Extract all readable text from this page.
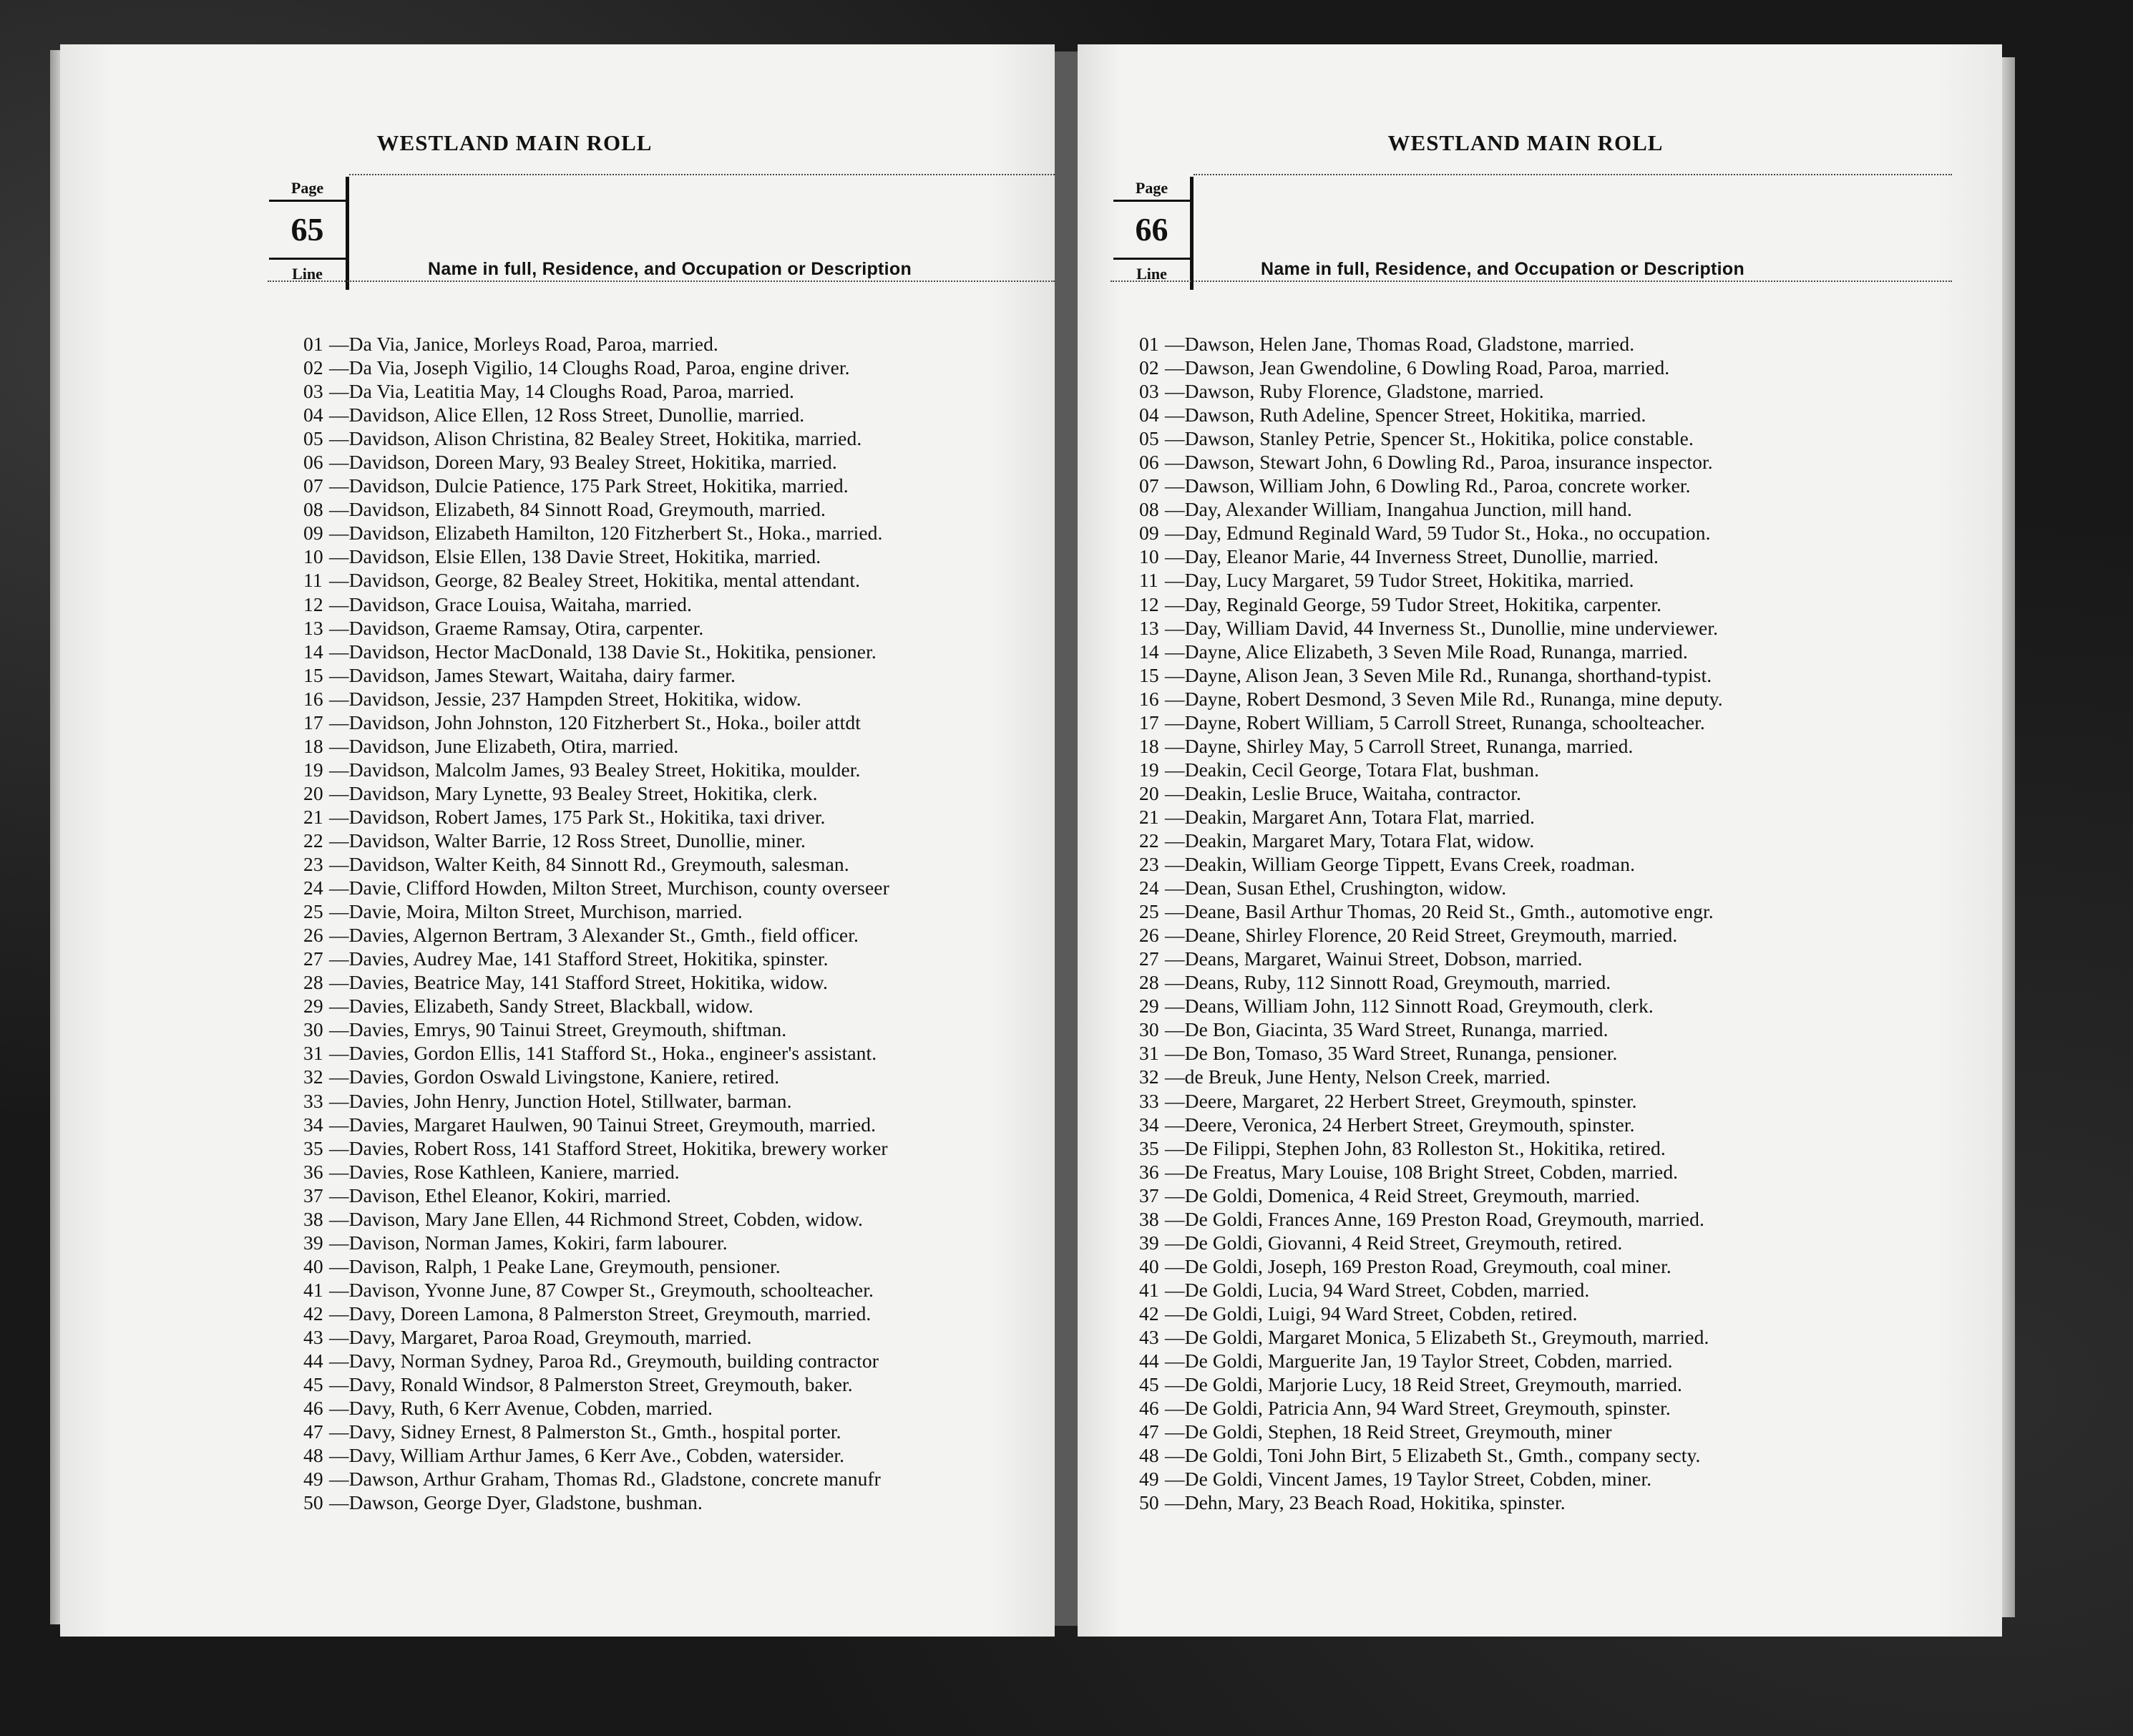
WESTLAND MAIN ROLL
Page
65
Line	Name in full, Residence, and Occupation or Description
01 —Da Via, Janice, Morleys Road, Paroa, married.
02 —Da Via, Joseph Vigilio, 14 Cloughs Road, Paroa, engine driver.
03 —Da Via, Leatitia May, 14 Cloughs Road, Paroa, married.
04 —Davidson, Alice Ellen, 12 Ross Street, Dunollie, married.
05 —Davidson, Alison Christina, 82 Bealey Street, Hokitika, married.
06 —Davidson, Doreen Mary, 93 Bealey Street, Hokitika, married.
07 —Davidson, Dulcie Patience, 175 Park Street, Hokitika, married.
08 —Davidson, Elizabeth, 84 Sinnott Road, Greymouth, married.
09 —Davidson, Elizabeth Hamilton, 120 Fitzherbert St., Hoka., married.
10 —Davidson, Elsie Ellen, 138 Davie Street, Hokitika, married.
11 —Davidson, George, 82 Bealey Street, Hokitika, mental attendant.
12 —Davidson, Grace Louisa, Waitaha, married.
13 —Davidson, Graeme Ramsay, Otira, carpenter.
14 —Davidson, Hector MacDonald, 138 Davie St., Hokitika, pensioner.
15 —Davidson, James Stewart, Waitaha, dairy farmer.
16 —Davidson, Jessie, 237 Hampden Street, Hokitika, widow.
17 —Davidson, John Johnston, 120 Fitzherbert St., Hoka., boiler attdt
18 —Davidson, June Elizabeth, Otira, married.
19 —Davidson, Malcolm James, 93 Bealey Street, Hokitika, moulder.
20 —Davidson, Mary Lynette, 93 Bealey Street, Hokitika, clerk.
21 —Davidson, Robert James, 175 Park St., Hokitika, taxi driver.
22 —Davidson, Walter Barrie, 12 Ross Street, Dunollie, miner.
23 —Davidson, Walter Keith, 84 Sinnott Rd., Greymouth, salesman.
24 —Davie, Clifford Howden, Milton Street, Murchison, county overseer
25 —Davie, Moira, Milton Street, Murchison, married.
26 —Davies, Algernon Bertram, 3 Alexander St., Gmth., field officer.
27 —Davies, Audrey Mae, 141 Stafford Street, Hokitika, spinster.
28 —Davies, Beatrice May, 141 Stafford Street, Hokitika, widow.
29 —Davies, Elizabeth, Sandy Street, Blackball, widow.
30 —Davies, Emrys, 90 Tainui Street, Greymouth, shiftman.
31 —Davies, Gordon Ellis, 141 Stafford St., Hoka., engineer's assistant.
32 —Davies, Gordon Oswald Livingstone, Kaniere, retired.
33 —Davies, John Henry, Junction Hotel, Stillwater, barman.
34 —Davies, Margaret Haulwen, 90 Tainui Street, Greymouth, married.
35 —Davies, Robert Ross, 141 Stafford Street, Hokitika, brewery worker
36 —Davies, Rose Kathleen, Kaniere, married.
37 —Davison, Ethel Eleanor, Kokiri, married.
38 —Davison, Mary Jane Ellen, 44 Richmond Street, Cobden, widow.
39 —Davison, Norman James, Kokiri, farm labourer.
40 —Davison, Ralph, 1 Peake Lane, Greymouth, pensioner.
41 —Davison, Yvonne June, 87 Cowper St., Greymouth, schoolteacher.
42 —Davy, Doreen Lamona, 8 Palmerston Street, Greymouth, married.
43 —Davy, Margaret, Paroa Road, Greymouth, married.
44 —Davy, Norman Sydney, Paroa Rd., Greymouth, building contractor
45 —Davy, Ronald Windsor, 8 Palmerston Street, Greymouth, baker.
46 —Davy, Ruth, 6 Kerr Avenue, Cobden, married.
47 —Davy, Sidney Ernest, 8 Palmerston St., Gmth., hospital porter.
48 —Davy, William Arthur James, 6 Kerr Ave., Cobden, watersider.
49 —Dawson, Arthur Graham, Thomas Rd., Gladstone, concrete manufr
50 —Dawson, George Dyer, Gladstone, bushman.
WESTLAND MAIN ROLL
Page
66
Line	Name in full, Residence, and Occupation or Description
01 —Dawson, Helen Jane, Thomas Road, Gladstone, married.
02 —Dawson, Jean Gwendoline, 6 Dowling Road, Paroa, married.
03 —Dawson, Ruby Florence, Gladstone, married.
04 —Dawson, Ruth Adeline, Spencer Street, Hokitika, married.
05 —Dawson, Stanley Petrie, Spencer St., Hokitika, police constable.
06 —Dawson, Stewart John, 6 Dowling Rd., Paroa, insurance inspector.
07 —Dawson, William John, 6 Dowling Rd., Paroa, concrete worker.
08 —Day, Alexander William, Inangahua Junction, mill hand.
09 —Day, Edmund Reginald Ward, 59 Tudor St., Hoka., no occupation.
10 —Day, Eleanor Marie, 44 Inverness Street, Dunollie, married.
11 —Day, Lucy Margaret, 59 Tudor Street, Hokitika, married.
12 —Day, Reginald George, 59 Tudor Street, Hokitika, carpenter.
13 —Day, William David, 44 Inverness St., Dunollie, mine underviewer.
14 —Dayne, Alice Elizabeth, 3 Seven Mile Road, Runanga, married.
15 —Dayne, Alison Jean, 3 Seven Mile Rd., Runanga, shorthand-typist.
16 —Dayne, Robert Desmond, 3 Seven Mile Rd., Runanga, mine deputy.
17 —Dayne, Robert William, 5 Carroll Street, Runanga, schoolteacher.
18 —Dayne, Shirley May, 5 Carroll Street, Runanga, married.
19 —Deakin, Cecil George, Totara Flat, bushman.
20 —Deakin, Leslie Bruce, Waitaha, contractor.
21 —Deakin, Margaret Ann, Totara Flat, married.
22 —Deakin, Margaret Mary, Totara Flat, widow.
23 —Deakin, William George Tippett, Evans Creek, roadman.
24 —Dean, Susan Ethel, Crushington, widow.
25 —Deane, Basil Arthur Thomas, 20 Reid St., Gmth., automotive engr.
26 —Deane, Shirley Florence, 20 Reid Street, Greymouth, married.
27 —Deans, Margaret, Wainui Street, Dobson, married.
28 —Deans, Ruby, 112 Sinnott Road, Greymouth, married.
29 —Deans, William John, 112 Sinnott Road, Greymouth, clerk.
30 —De Bon, Giacinta, 35 Ward Street, Runanga, married.
31 —De Bon, Tomaso, 35 Ward Street, Runanga, pensioner.
32 —de Breuk, June Henty, Nelson Creek, married.
33 —Deere, Margaret, 22 Herbert Street, Greymouth, spinster.
34 —Deere, Veronica, 24 Herbert Street, Greymouth, spinster.
35 —De Filippi, Stephen John, 83 Rolleston St., Hokitika, retired.
36 —De Freatus, Mary Louise, 108 Bright Street, Cobden, married.
37 —De Goldi, Domenica, 4 Reid Street, Greymouth, married.
38 —De Goldi, Frances Anne, 169 Preston Road, Greymouth, married.
39 —De Goldi, Giovanni, 4 Reid Street, Greymouth, retired.
40 —De Goldi, Joseph, 169 Preston Road, Greymouth, coal miner.
41 —De Goldi, Lucia, 94 Ward Street, Cobden, married.
42 —De Goldi, Luigi, 94 Ward Street, Cobden, retired.
43 —De Goldi, Margaret Monica, 5 Elizabeth St., Greymouth, married.
44 —De Goldi, Marguerite Jan, 19 Taylor Street, Cobden, married.
45 —De Goldi, Marjorie Lucy, 18 Reid Street, Greymouth, married.
46 —De Goldi, Patricia Ann, 94 Ward Street, Greymouth, spinster.
47 —De Goldi, Stephen, 18 Reid Street, Greymouth, miner
48 —De Goldi, Toni John Birt, 5 Elizabeth St., Gmth., company secty.
49 —De Goldi, Vincent James, 19 Taylor Street, Cobden, miner.
50 —Dehn, Mary, 23 Beach Road, Hokitika, spinster.
